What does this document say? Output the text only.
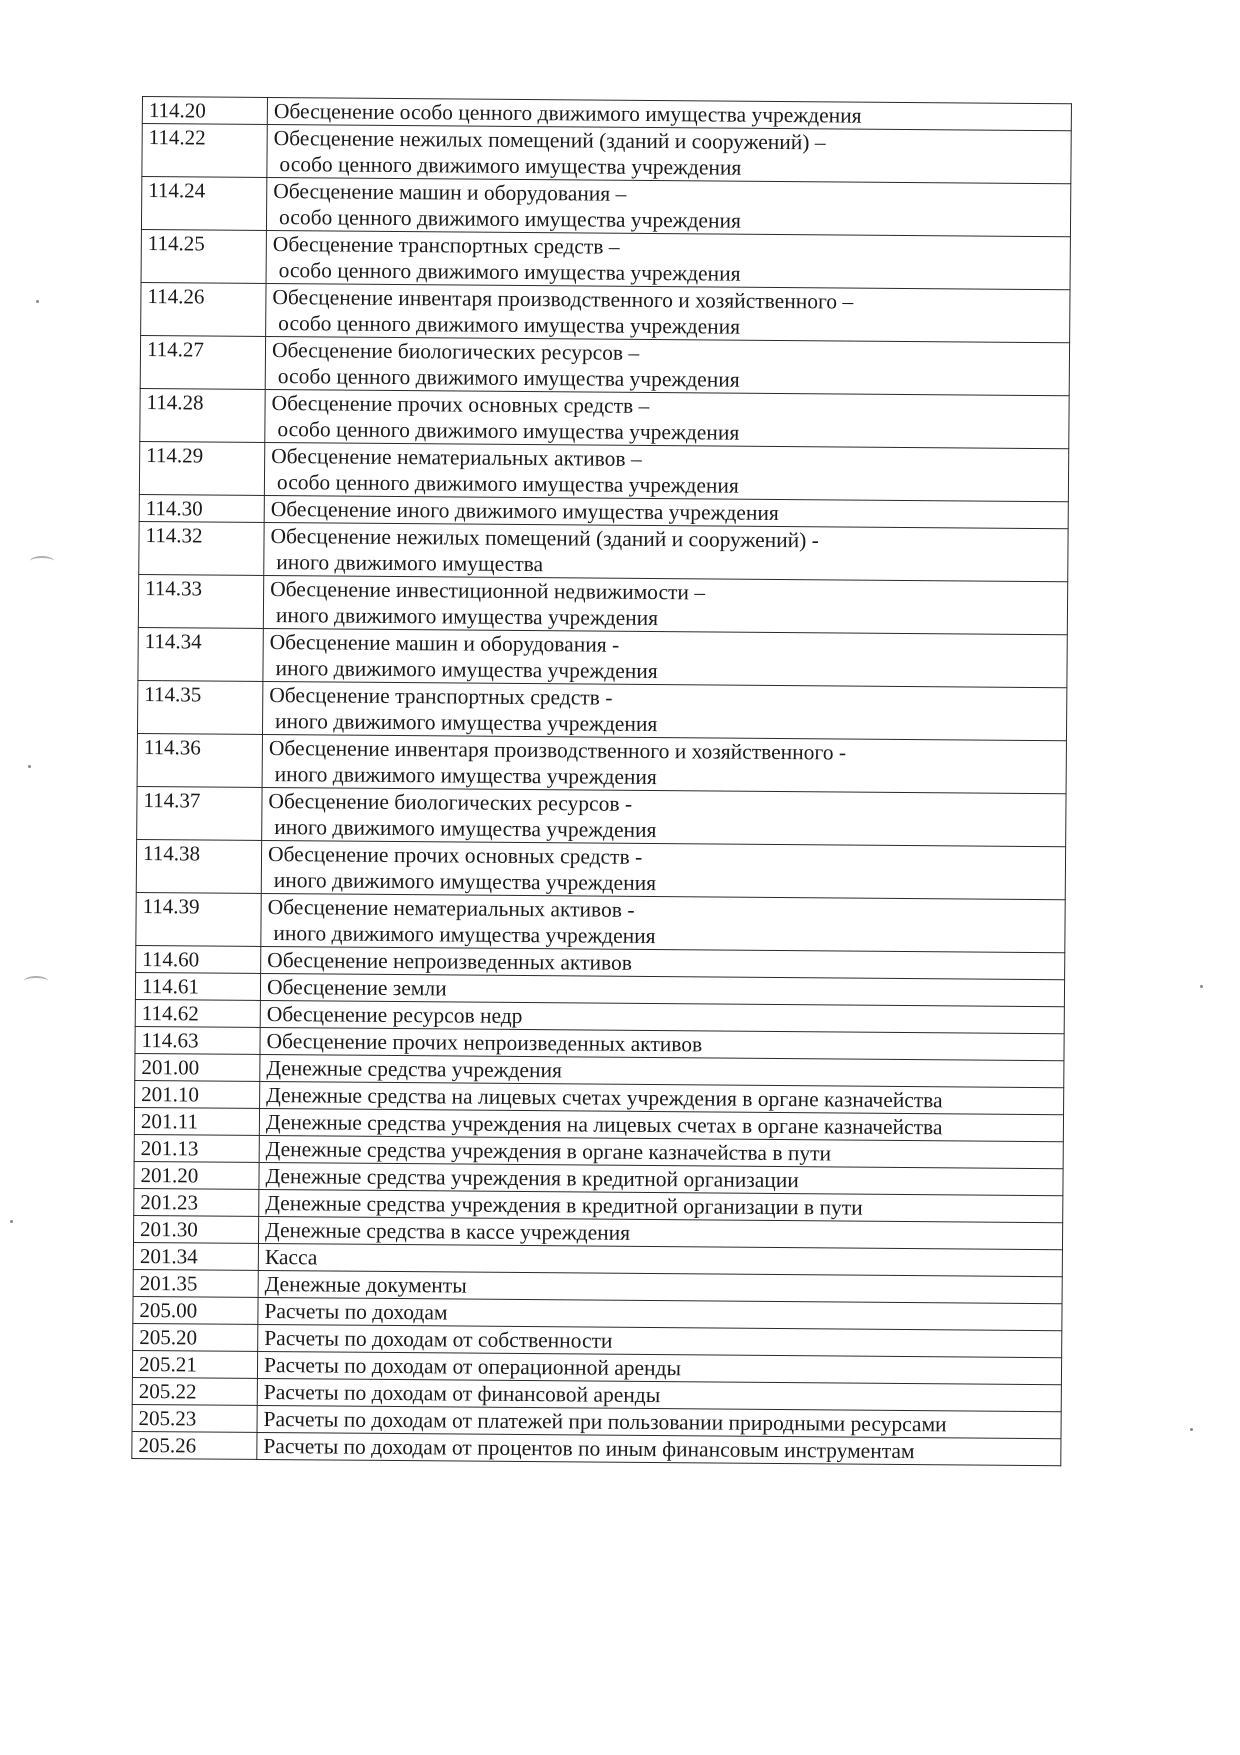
114.20	Обесценение особо ценного движимого имущества учреждения

114.22	Обесценение нежилых помещений (зданий и сооружений) –
особо ценного движимого имущества учреждения

114.24	Обесценение машин и оборудования –
особо ценного движимого имущества учреждения

114.25	Обесценение транспортных средств –
особо ценного движимого имущества учреждения

114.26	Обесценение инвентаря производственного и хозяйственного –
особо ценного движимого имущества учреждения

114.27	Обесценение биологических ресурсов –
особо ценного движимого имущества учреждения

114.28	Обесценение прочих основных средств –
особо ценного движимого имущества учреждения

114.29	Обесценение нематериальных активов –
особо ценного движимого имущества учреждения

114.30	Обесценение иного движимого имущества учреждения

114.32	Обесценение нежилых помещений (зданий и сооружений) -
иного движимого имущества

114.33	Обесценение инвестиционной недвижимости –
иного движимого имущества учреждения

114.34	Обесценение машин и оборудования -
иного движимого имущества учреждения

114.35	Обесценение транспортных средств -
иного движимого имущества учреждения

114.36	Обесценение инвентаря производственного и хозяйственного -
иного движимого имущества учреждения

114.37	Обесценение биологических ресурсов -
иного движимого имущества учреждения

114.38	Обесценение прочих основных средств -
иного движимого имущества учреждения

114.39	Обесценение нематериальных активов -
иного движимого имущества учреждения

114.60	Обесценение непроизведенных активов

114.61	Обесценение земли

114.62	Обесценение ресурсов недр

114.63	Обесценение прочих непроизведенных активов

201.00	Денежные средства учреждения

201.10	Денежные средства на лицевых счетах учреждения в органе казначейства

201.11	Денежные средства учреждения на лицевых счетах в органе казначейства

201.13	Денежные средства учреждения в органе казначейства в пути

201.20	Денежные средства учреждения в кредитной организации

201.23	Денежные средства учреждения в кредитной организации в пути

201.30	Денежные средства в кассе учреждения

201.34	Касса

201.35	Денежные документы

205.00	Расчеты по доходам

205.20	Расчеты по доходам от собственности

205.21	Расчеты по доходам от операционной аренды

205.22	Расчеты по доходам от финансовой аренды

205.23	Расчеты по доходам от платежей при пользовании природными ресурсами

205.26	Расчеты по доходам от процентов по иным финансовым инструментам
